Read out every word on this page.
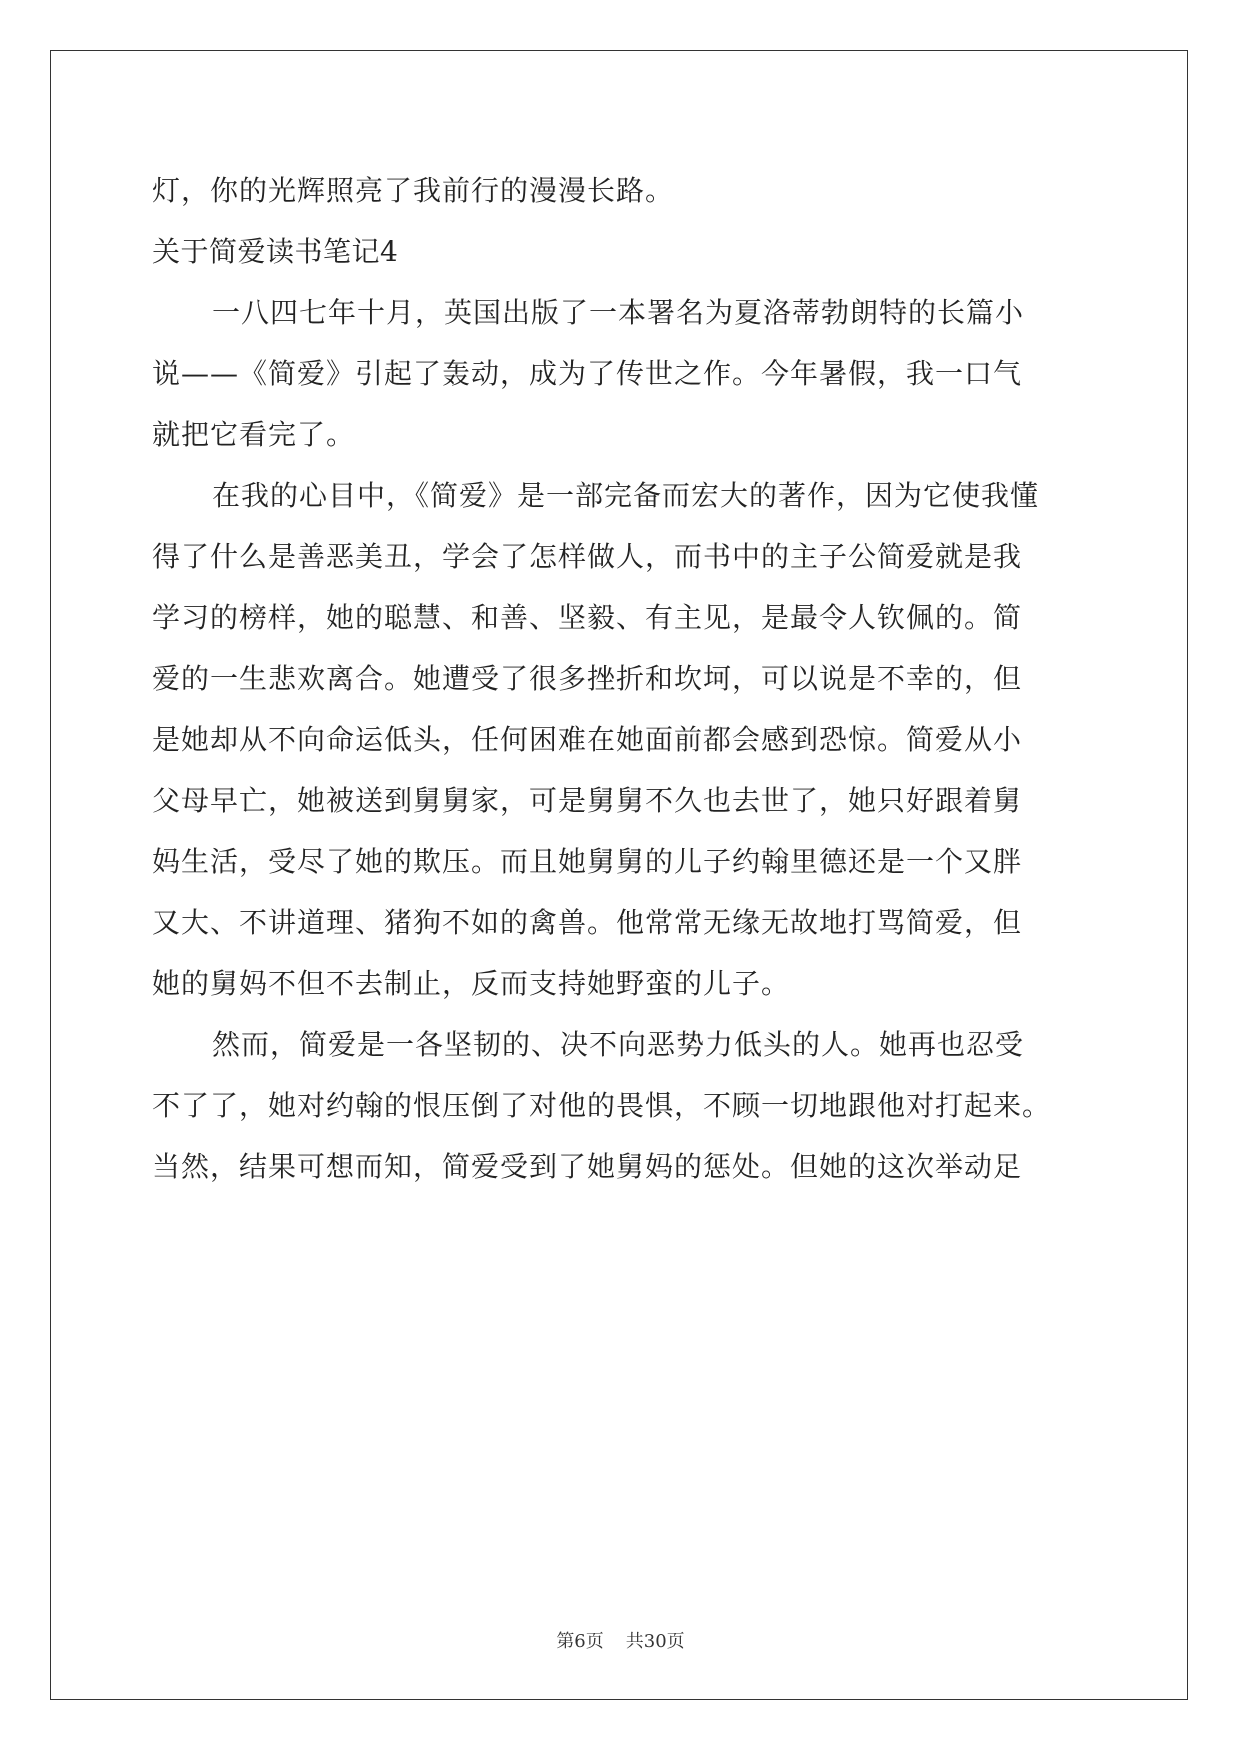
灯，你的光辉照亮了我前行的漫漫长路。
关于简爱读书笔记4
一八四七年十月，英国出版了一本署名为夏洛蒂勃朗特的长篇小
说——《简爱》引起了轰动，成为了传世之作。今年暑假，我一口气
就把它看完了。
在我的心目中，《简爱》是一部完备而宏大的著作，因为它使我懂
得了什么是善恶美丑，学会了怎样做人，而书中的主子公简爱就是我
学习的榜样，她的聪慧、和善、坚毅、有主见，是最令人钦佩的。简
爱的一生悲欢离合。她遭受了很多挫折和坎坷，可以说是不幸的，但
是她却从不向命运低头，任何困难在她面前都会感到恐惊。简爱从小
父母早亡，她被送到舅舅家，可是舅舅不久也去世了，她只好跟着舅
妈生活，受尽了她的欺压。而且她舅舅的儿子约翰里德还是一个又胖
又大、不讲道理、猪狗不如的禽兽。他常常无缘无故地打骂简爱，但
她的舅妈不但不去制止，反而支持她野蛮的儿子。
然而，简爱是一各坚韧的、决不向恶势力低头的人。她再也忍受
不了了，她对约翰的恨压倒了对他的畏惧，不顾一切地跟他对打起来。
当然，结果可想而知，简爱受到了她舅妈的惩处。但她的这次举动足
第6页 共30页
